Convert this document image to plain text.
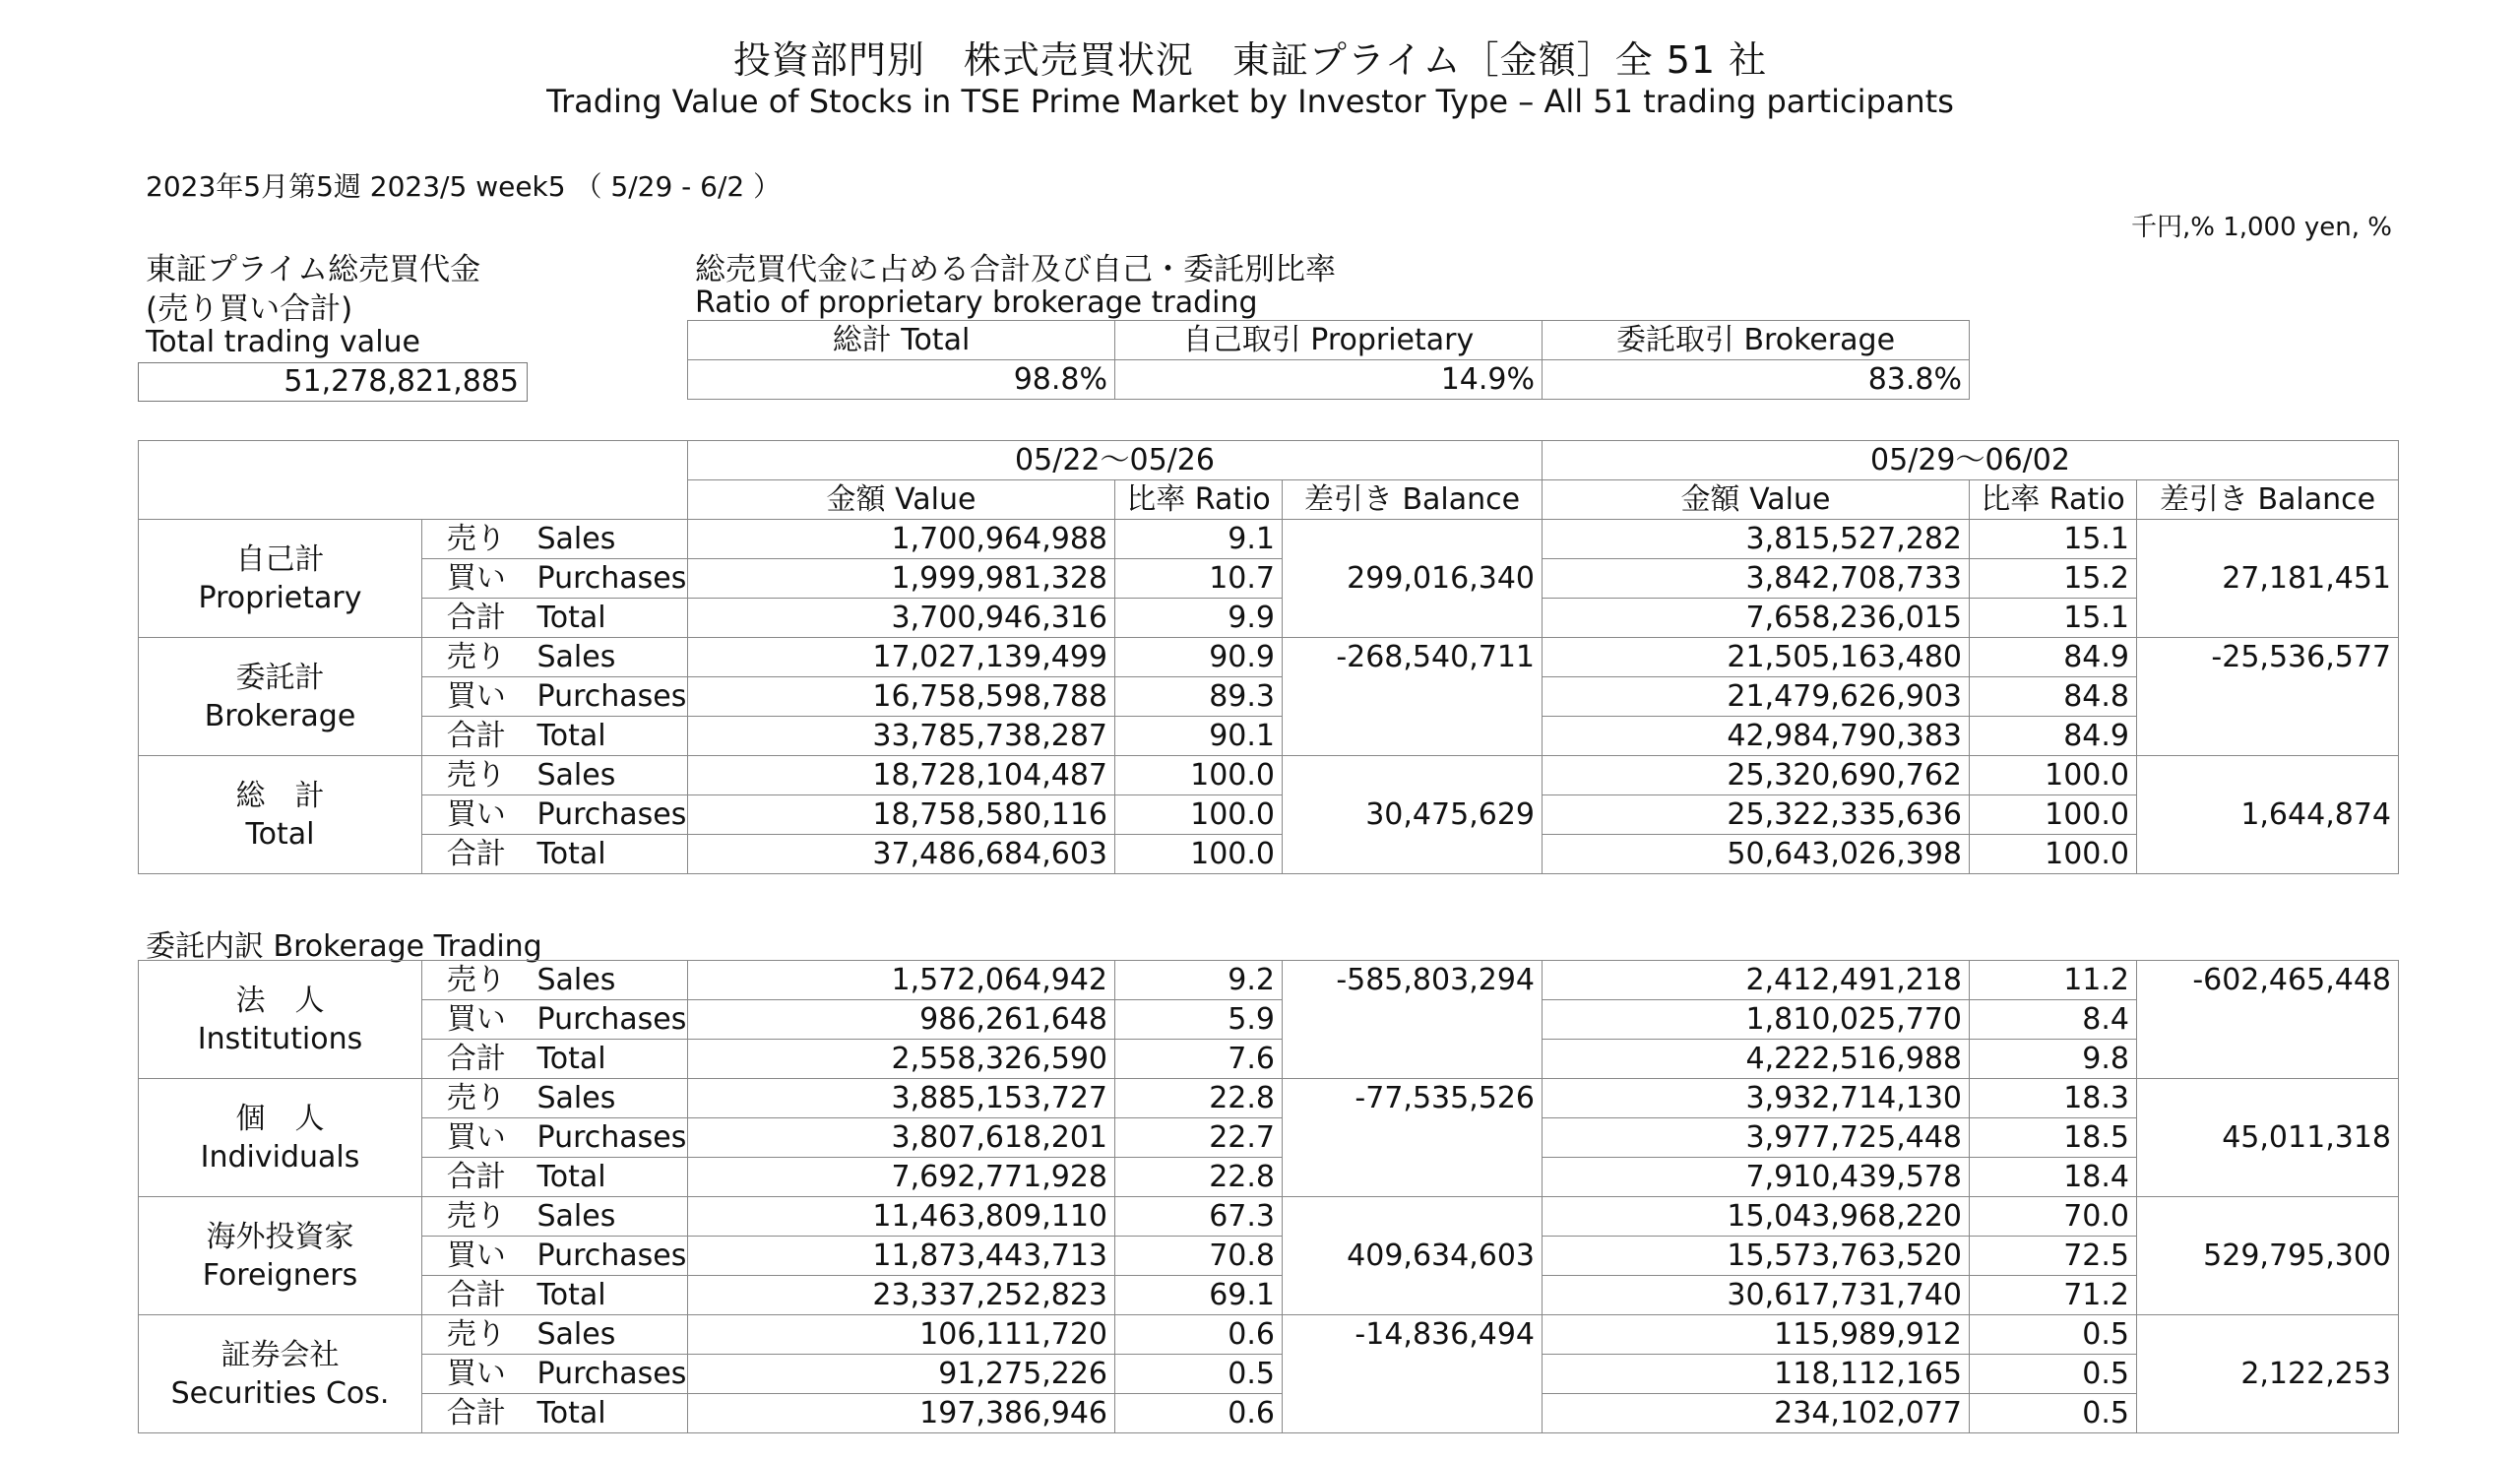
投資部門別　株式売買状況　東証プライム［金額］全 51 社
Trading Value of Stocks in TSE Prime Market by Investor Type – All 51 trading participants
2023年5月第5週 2023/5 week5 （ 5/29 - 6/2 ）
千円,% 1,000 yen, %
東証プライム総売買代金
(売り買い合計)
Total trading value
51,278,821,885
総売買代金に占める合計及び自己・委託別比率
Ratio of proprietary brokerage trading
総計 Total	自己取引 Proprietary	委託取引 Brokerage
98.8%	14.9%	83.8%
			05/22～05/26			05/29～06/02		
			金額 Value	比率 Ratio	差引き Balance	金額 Value	比率 Ratio	差引き Balance

自己計
Proprietary	売り	Sales	1,700,964,988	9.1		3,815,527,282	15.1	
	買い	Purchases	1,999,981,328	10.7	299,016,340	3,842,708,733	15.2	27,181,451
	合計	Total	3,700,946,316	9.9		7,658,236,015	15.1	

委託計
Brokerage	売り	Sales	17,027,139,499	90.9	-268,540,711	21,505,163,480	84.9	-25,536,577
	買い	Purchases	16,758,598,788	89.3		21,479,626,903	84.8	
	合計	Total	33,785,738,287	90.1		42,984,790,383	84.9	

総　計
Total	売り	Sales	18,728,104,487	100.0		25,320,690,762	100.0	
	買い	Purchases	18,758,580,116	100.0	30,475,629	25,322,335,636	100.0	1,644,874
	合計	Total	37,486,684,603	100.0		50,643,026,398	100.0	
委託内訳 Brokerage Trading
法　人
Institutions	売り	Sales	1,572,064,942	9.2	-585,803,294	2,412,491,218	11.2	-602,465,448
	買い	Purchases	986,261,648	5.9		1,810,025,770	8.4	
	合計	Total	2,558,326,590	7.6		4,222,516,988	9.8	

個　人
Individuals	売り	Sales	3,885,153,727	22.8	-77,535,526	3,932,714,130	18.3	
	買い	Purchases	3,807,618,201	22.7		3,977,725,448	18.5	45,011,318
	合計	Total	7,692,771,928	22.8		7,910,439,578	18.4	

海外投資家
Foreigners	売り	Sales	11,463,809,110	67.3		15,043,968,220	70.0	
	買い	Purchases	11,873,443,713	70.8	409,634,603	15,573,763,520	72.5	529,795,300
	合計	Total	23,337,252,823	69.1		30,617,731,740	71.2	

証券会社
Securities Cos.	売り	Sales	106,111,720	0.6	-14,836,494	115,989,912	0.5	
	買い	Purchases	91,275,226	0.5		118,112,165	0.5	2,122,253
	合計	Total	197,386,946	0.6		234,102,077	0.5	
